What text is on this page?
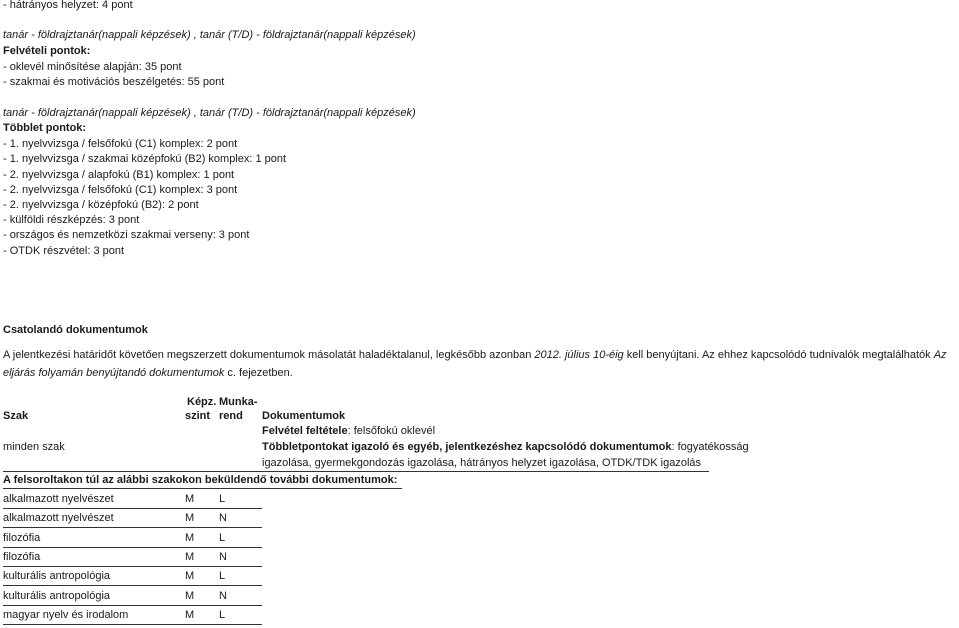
- hátrányos helyzet: 4 pont
tanár - földrajztanár(nappali képzések) , tanár (T/D) - földrajztanár(nappali képzések)
Felvételi pontok:
- oklevél minősítése alapján: 35 pont
- szakmai és motivációs beszélgetés: 55 pont
tanár - földrajztanár(nappali képzések) , tanár (T/D) - földrajztanár(nappali képzések)
Többlet pontok:
- 1. nyelvvizsga / felsőfokú (C1) komplex: 2 pont
- 1. nyelvvizsga / szakmai középfokú (B2) komplex: 1 pont
- 2. nyelvvizsga / alapfokú (B1) komplex: 1 pont
- 2. nyelvvizsga / felsőfokú (C1) komplex: 3 pont
- 2. nyelvvizsga / középfokú (B2): 2 pont
- külföldi részképzés: 3 pont
- országos és nemzetközi szakmai verseny: 3 pont
- OTDK részvétel: 3 pont
Csatolandó dokumentumok
A jelentkezési határidőt követően megszerzett dokumentumok másolatát haladéktalanul, legkésőbb azonban 2012. július 10-éig kell benyújtani. Az ehhez kapcsolódó tudnivalók megtalálhatók Az eljárás folyamán benyújtandó dokumentumok c. fejezetben.
Képz. Munka-
Szak	szint rend Dokumentumok
Felvétel feltétele: felsőfokú oklevél
minden szak	Többletpontokat igazoló és egyéb, jelentkezéshez kapcsolódó dokumentumok: fogyatékosság
igazolása, gyermekgondozás igazolása, hátrányos helyzet igazolása, OTDK/TDK igazolás
A felsoroltakon túl az alábbi szakokon beküldendő további dokumentumok:
alkalmazott nyelvészet	M L
alkalmazott nyelvészet	M N
filozófia	M L
filozófia	M N
kulturális antropológia	M L
kulturális antropológia	M N
magyar nyelv és irodalom	M L
